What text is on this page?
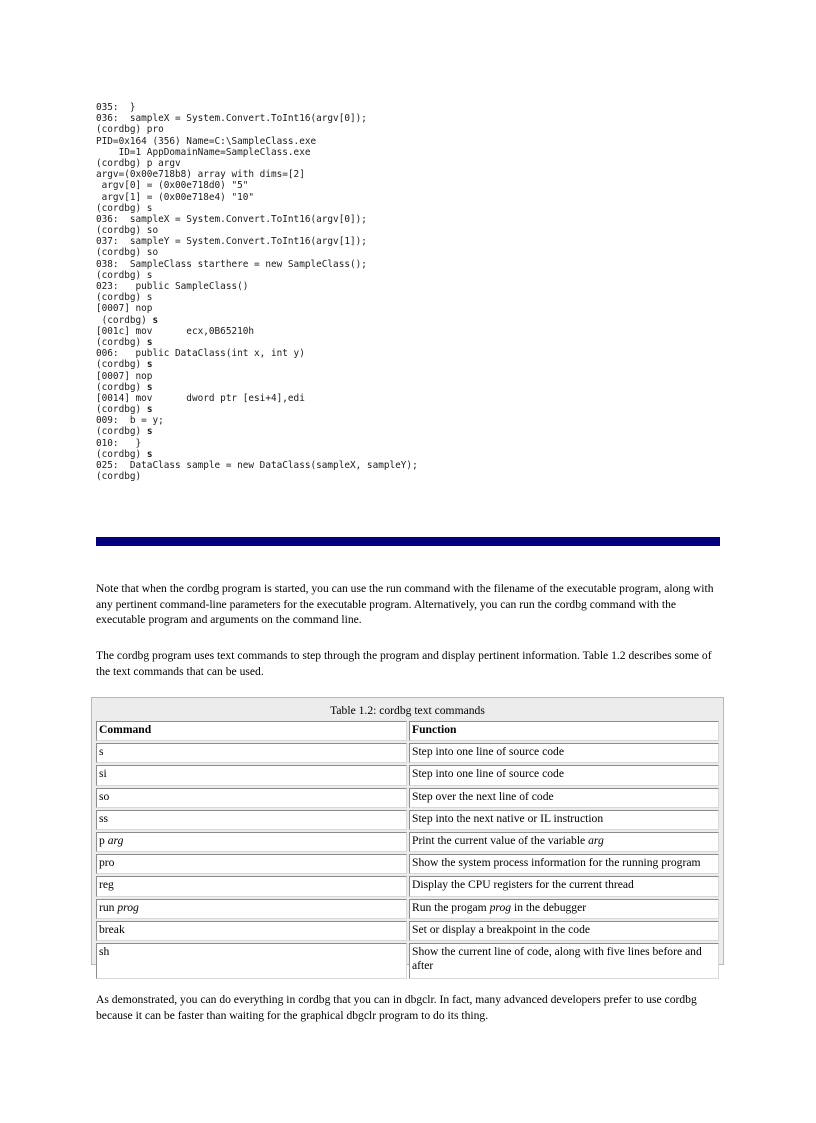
035:  }
036:  sampleX = System.Convert.ToInt16(argv[0]);
(cordbg) pro
PID=0x164 (356) Name=C:\SampleClass.exe
ID=1 AppDomainName=SampleClass.exe
(cordbg) p argv
argv=(0x00e718b8) array with dims=[2]
argv[0] = (0x00e718d0) "5"
argv[1] = (0x00e718e4) "10"
(cordbg) s
036:  sampleX = System.Convert.ToInt16(argv[0]);
(cordbg) so
037:  sampleY = System.Convert.ToInt16(argv[1]);
(cordbg) so
038:  SampleClass starthere = new SampleClass();
(cordbg) s
023:   public SampleClass()
(cordbg) s
[0007] nop
(cordbg) s
[001c] mov      ecx,0B65210h
(cordbg) s
006:   public DataClass(int x, int y)
(cordbg) s
[0007] nop
(cordbg) s
[0014] mov      dword ptr [esi+4],edi
(cordbg) s
009:  b = y;
(cordbg) s
010:   }
(cordbg) s
025:  DataClass sample = new DataClass(sampleX, sampleY);
(cordbg)

Note that when the cordbg program is started, you can use the run command with the filename of the executable program, along with any pertinent command-line parameters for the executable program. Alternatively, you can run the cordbg command with the executable program and arguments on the command line.

The cordbg program uses text commands to step through the program and display pertinent information. Table 1.2 describes some of the text commands that can be used.

Table 1.2: cordbg text commands
Command	Function
s	Step into one line of source code
si	Step into one line of source code
so	Step over the next line of code
ss	Step into the next native or IL instruction
p arg	Print the current value of the variable arg
pro	Show the system process information for the running program
reg	Display the CPU registers for the current thread
run prog	Run the progam prog in the debugger
break	Set or display a breakpoint in the code
sh	Show the current line of code, along with five lines before and after

As demonstrated, you can do everything in cordbg that you can in dbgclr. In fact, many advanced developers prefer to use cordbg because it can be faster than waiting for the graphical dbgclr program to do its thing.
